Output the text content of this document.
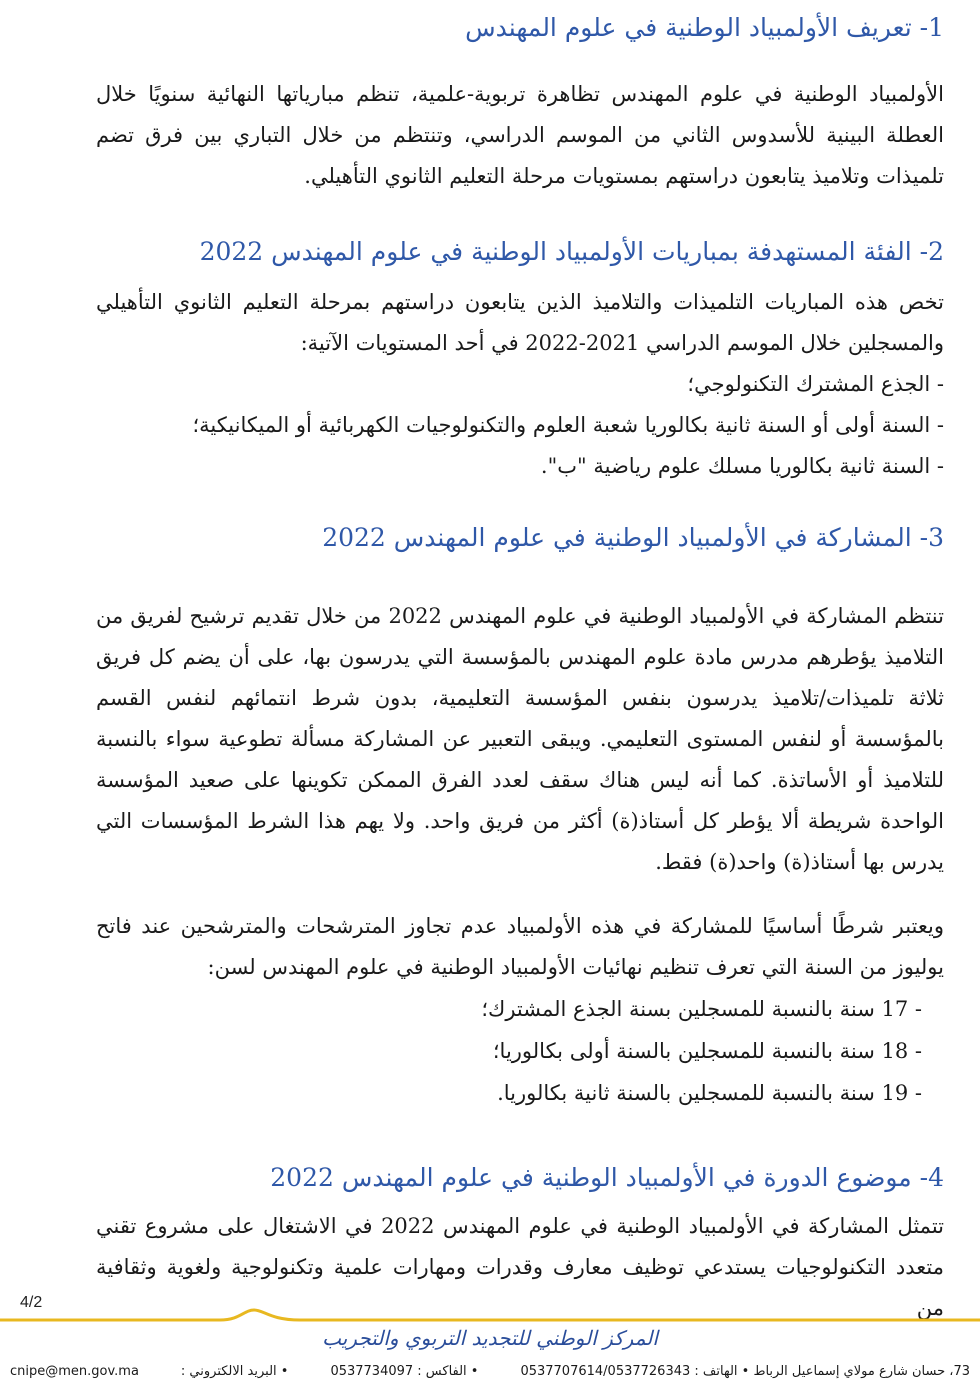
1- تعريف الأولمبياد الوطنية في علوم المهندس

الأولمبياد الوطنية في علوم المهندس تظاهرة تربوية-علمية، تنظم مبارياتها النهائية سنويًا خلال العطلة البينية للأسدوس الثاني من الموسم الدراسي، وتنتظم من خلال التباري بين فرق تضم تلميذات وتلاميذ يتابعون دراستهم بمستويات مرحلة التعليم الثانوي التأهيلي.

2- الفئة المستهدفة بمباريات الأولمبياد الوطنية في علوم المهندس 2022

تخص هذه المباريات التلميذات والتلاميذ الذين يتابعون دراستهم بمرحلة التعليم الثانوي التأهيلي والمسجلين خلال الموسم الدراسي 2021-2022 في أحد المستويات الآتية:

- الجذع المشترك التكنولوجي؛
- السنة أولى أو السنة ثانية بكالوريا شعبة العلوم والتكنولوجيات الكهربائية أو الميكانيكية؛
- السنة ثانية بكالوريا مسلك علوم رياضية "ب".
3- المشاركة في الأولمبياد الوطنية في علوم المهندس 2022

تنتظم المشاركة في الأولمبياد الوطنية في علوم المهندس 2022 من خلال تقديم ترشيح لفريق من التلاميذ يؤطرهم مدرس مادة علوم المهندس بالمؤسسة التي يدرسون بها، على أن يضم كل فريق ثلاثة تلميذات/تلاميذ يدرسون بنفس المؤسسة التعليمية، بدون شرط انتمائهم لنفس القسم بالمؤسسة أو لنفس المستوى التعليمي. ويبقى التعبير عن المشاركة مسألة تطوعية سواء بالنسبة للتلاميذ أو الأساتذة. كما أنه ليس هناك سقف لعدد الفرق الممكن تكوينها على صعيد المؤسسة الواحدة شريطة ألا يؤطر كل أستاذ(ة) أكثر من فريق واحد. ولا يهم هذا الشرط المؤسسات التي يدرس بها أستاذ(ة) واحد(ة) فقط.

ويعتبر شرطًا أساسيًا للمشاركة في هذه الأولمبياد عدم تجاوز المترشحات والمترشحين عند فاتح يوليوز من السنة التي تعرف تنظيم نهائيات الأولمبياد الوطنية في علوم المهندس لسن:

- 17 سنة بالنسبة للمسجلين بسنة الجذع المشترك؛
- 18 سنة بالنسبة للمسجلين بالسنة أولى بكالوريا؛
- 19 سنة بالنسبة للمسجلين بالسنة ثانية بكالوريا.
4- موضوع الدورة في الأولمبياد الوطنية في علوم المهندس 2022

تتمثل المشاركة في الأولمبياد الوطنية في علوم المهندس 2022 في الاشتغال على مشروع تقني متعدد التكنولوجيات يستدعي توظيف معارف وقدرات ومهارات علمية وتكنولوجية ولغوية وثقافية من

4/2
المركز الوطني للتجديد التربوي والتجريب
73، حسان شارع مولاي إسماعيل الرباط • الهاتف : 0537707614/0537726343
• الفاكس : 0537734097
• البريد الالكتروني :
cnipe@men.gov.ma
